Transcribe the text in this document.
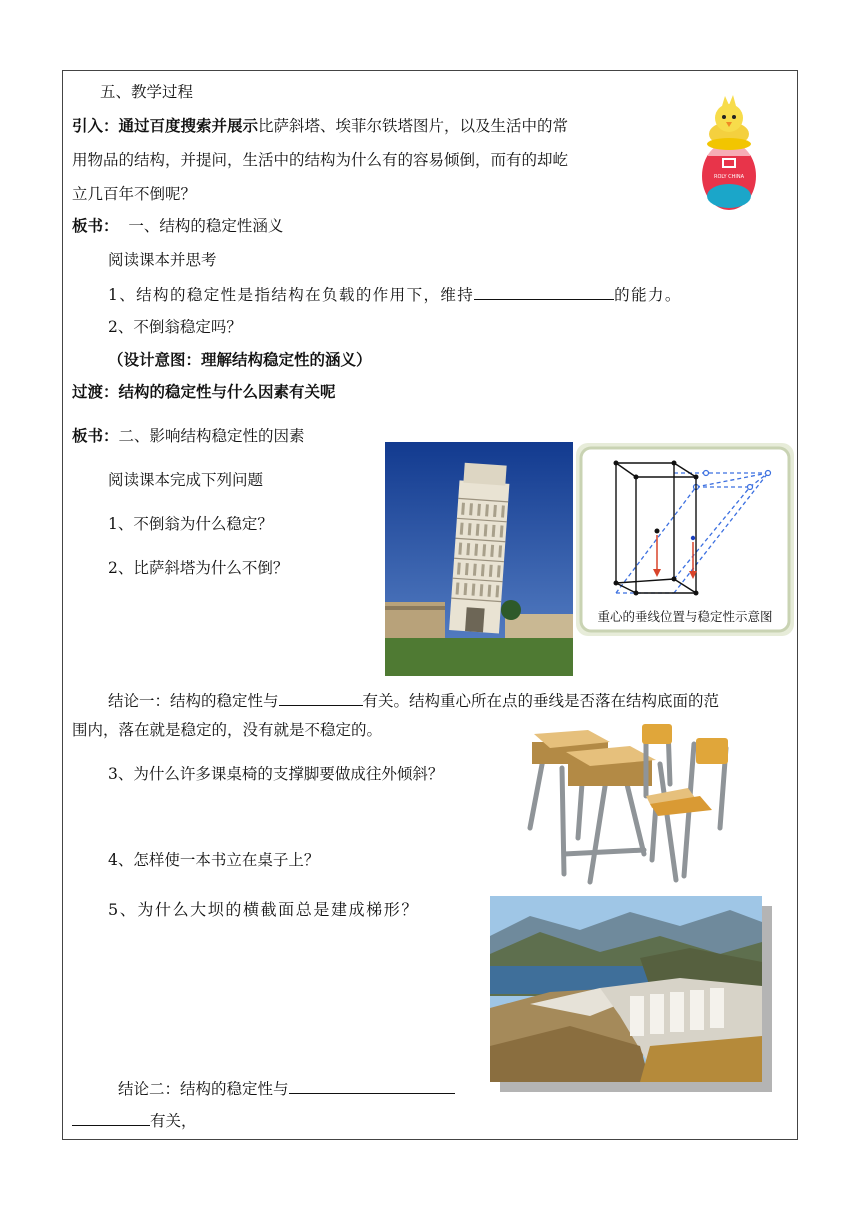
五、教学过程
引入：通过百度搜索并展示比萨斜塔、埃菲尔铁塔图片，以及生活中的常
用物品的结构，并提问，生活中的结构为什么有的容易倾倒，而有的却屹
立几百年不倒呢？
ROLY CHINA
板书： 一、结构的稳定性涵义
阅读课本并思考
1、结构的稳定性是指结构在负载的作用下，维持	的能力。
2、不倒翁稳定吗？
（设计意图：理解结构稳定性的涵义）
过渡：结构的稳定性与什么因素有关呢
板书：二、影响结构稳定性的因素
阅读课本完成下列问题
1、不倒翁为什么稳定？
2、比萨斜塔为什么不倒？
重心的垂线位置与稳定性示意图
结论一：结构的稳定性与	有关。结构重心所在点的垂线是否落在结构底面的范
围内，落在就是稳定的，没有就是不稳定的。
3、为什么许多课桌椅的支撑脚要做成往外倾斜？
4、怎样使一本书立在桌子上？
5、为什么大坝的横截面总是建成梯形？
结论二：结构的稳定性与
有关，
